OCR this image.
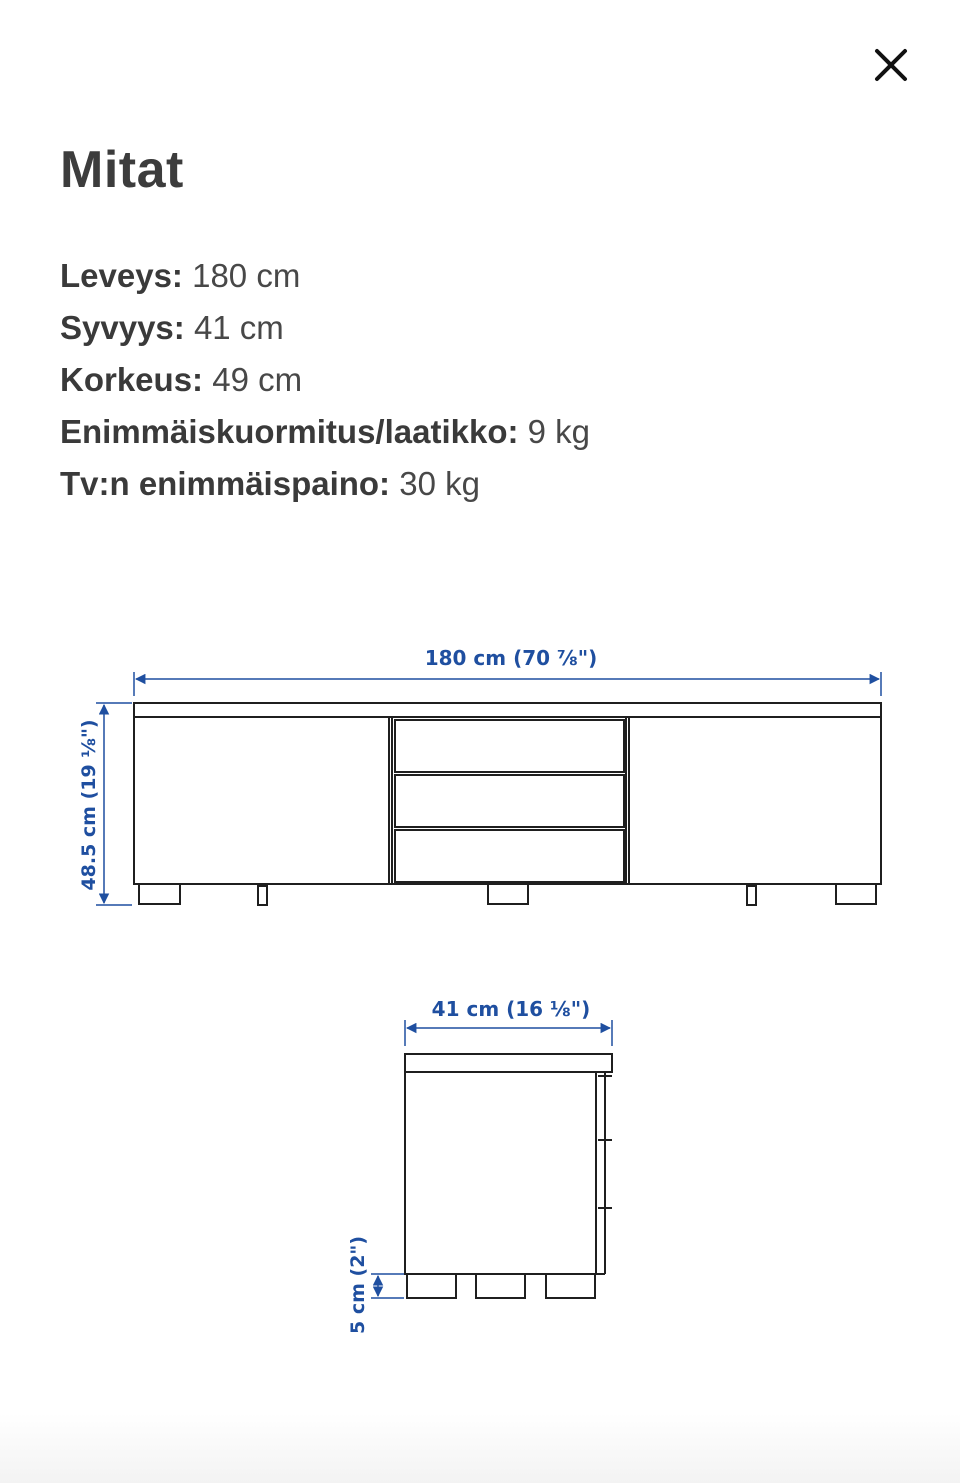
Mitat
Leveys: 180 cm
Syvyys: 41 cm
Korkeus: 49 cm
Enimmäiskuormitus/laatikko: 9 kg
Tv:n enimmäispaino: 30 kg
180 cm (70 ⅞")
48.5 cm (19 ⅛")
41 cm (16 ⅛")
5 cm (2")
